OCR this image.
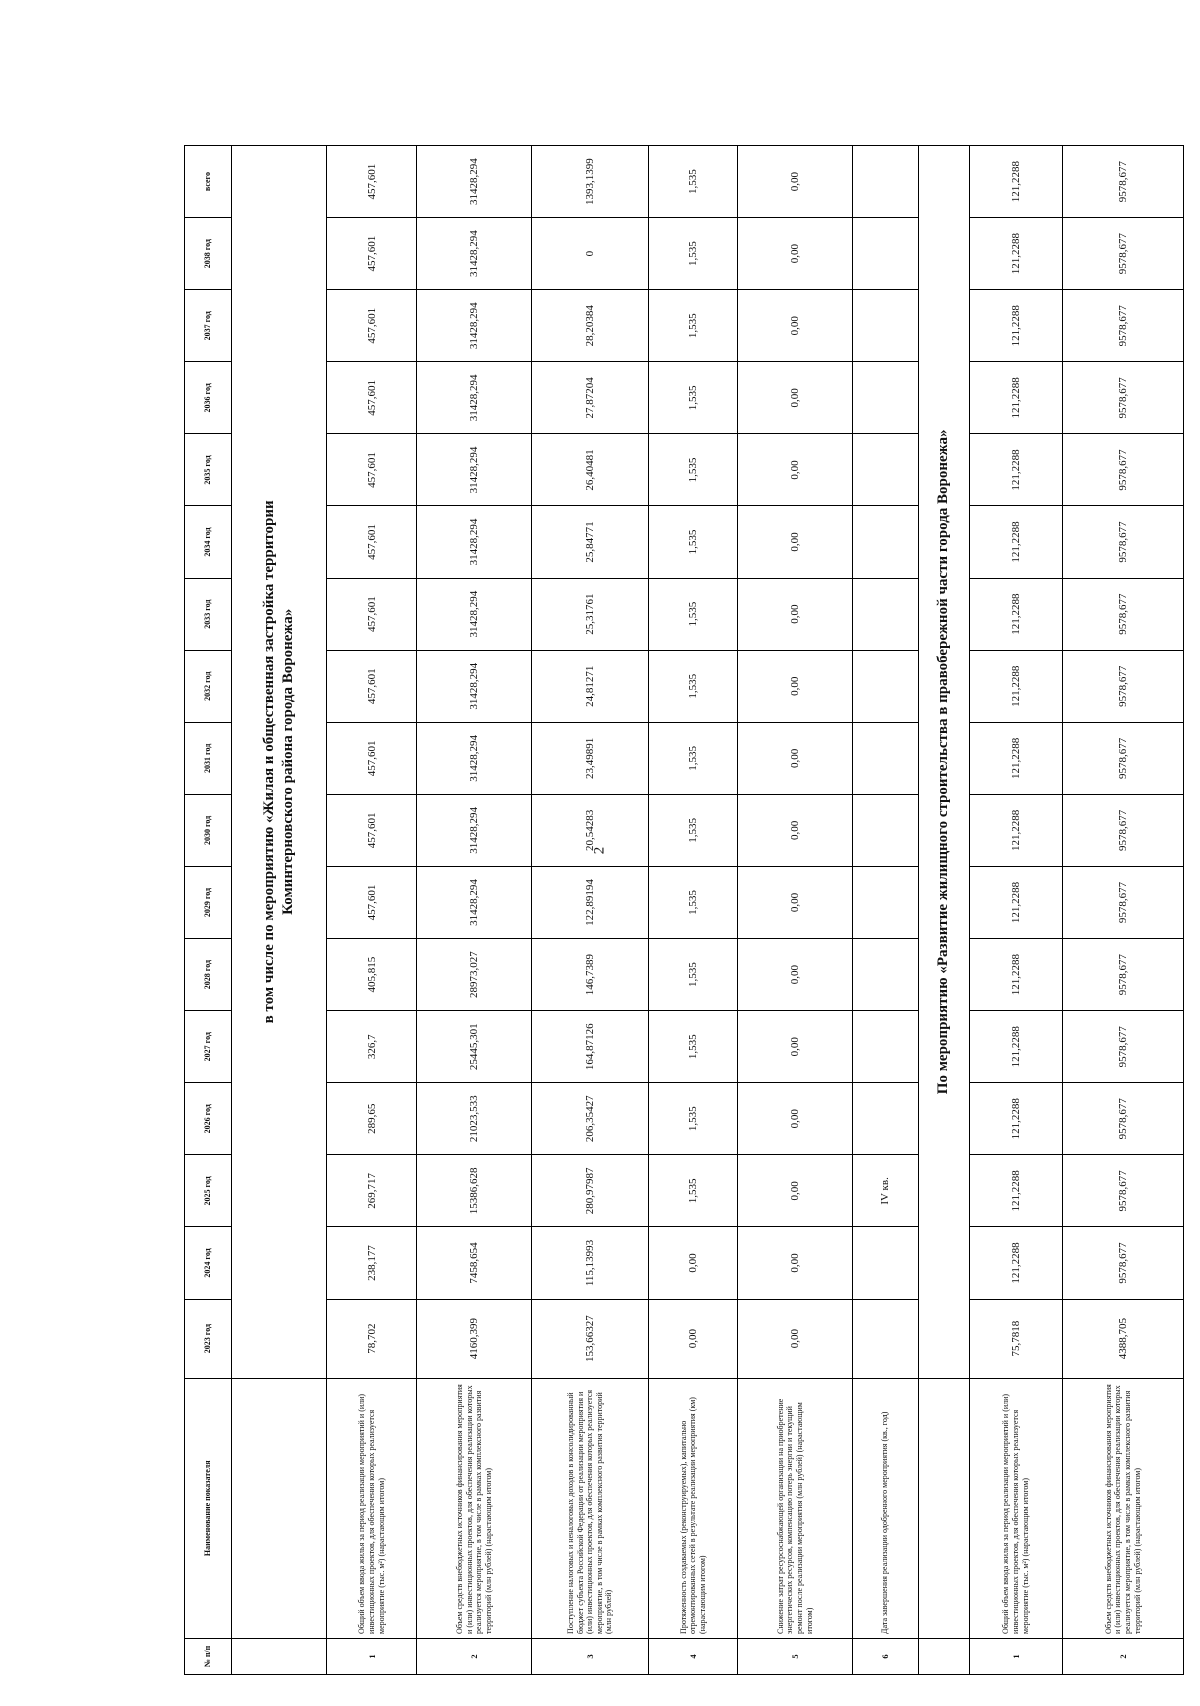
2
№ п/п	Наименование показателя	2023 год	2024 год	2025 год	2026 год	2027 год	2028 год	2029 год	2030 год	2031 год	2032 год	2033 год	2034 год	2035 год	2036 год	2037 год	2038 год	всего

		в том числе по мероприятию «Жилая и общественная застройка территории Коминтерновского района города Воронежа»																

1	Общий объем ввода жилья за период реализации мероприятий и (или) инвестиционных проектов, для обеспечения которых реализуется мероприятие (тыс. м²) (нарастающим итогом)	78,702	238,177	269,717	289,65	326,7	405,815	457,601	457,601	457,601	457,601	457,601	457,601	457,601	457,601	457,601	457,601	457,601
2	Объем средств внебюджетных источников финансирования мероприятия и (или) инвестиционных проектов, для обеспечения реализации которых реализуется мероприятие, в том числе в рамках комплексного развития территорий (млн рублей) (нарастающим итогом)	4160,399	7458,654	15386,628	21023,533	25445,301	28973,027	31428,294	31428,294	31428,294	31428,294	31428,294	31428,294	31428,294	31428,294	31428,294	31428,294	31428,294
3	Поступление налоговых и неналоговых доходов в консолидированный бюджет субъекта Российской Федерации от реализации мероприятия и (или) инвестиционных проектов, для обеспечения которых реализуется мероприятие, в том числе в рамках комплексного развития территорий (млн рублей)	153,66327	115,13993	280,97987	206,35427	164,87126	146,7389	122,89194	20,54283	23,49891	24,81271	25,31761	25,84771	26,40481	27,87204	28,20384	0	1393,1399
4	Протяженность создаваемых (реконструируемых), капитально отремонтированных сетей в результате реализации мероприятия (км) (нарастающим итогом)	0,00	0,00	1,535	1,535	1,535	1,535	1,535	1,535	1,535	1,535	1,535	1,535	1,535	1,535	1,535	1,535	1,535
5	Снижение затрат ресурсоснабжающей организации на приобретение энергетических ресурсов, компенсацию потерь энергии и текущий ремонт после реализации мероприятия (млн рублей) (нарастающим итогом)	0,00	0,00	0,00	0,00	0,00	0,00	0,00	0,00	0,00	0,00	0,00	0,00	0,00	0,00	0,00	0,00	0,00
6	Дата завершения реализации одобренного мероприятия (кв., год)			IV кв.														
		По мероприятию «Развитие жилищного строительства в правобережной части города Воронежа»																
1	Общий объем ввода жилья за период реализации мероприятий и (или) инвестиционных проектов, для обеспечения которых реализуется мероприятие (тыс. м²) (нарастающим итогом)	75,7818	121,2288	121,2288	121,2288	121,2288	121,2288	121,2288	121,2288	121,2288	121,2288	121,2288	121,2288	121,2288	121,2288	121,2288	121,2288	121,2288
2	Объем средств внебюджетных источников финансирования мероприятия и (или) инвестиционных проектов, для обеспечения реализации которых реализуется мероприятие, в том числе в рамках комплексного развития территорий (млн рублей) (нарастающим итогом)	4388,705	9578,677	9578,677	9578,677	9578,677	9578,677	9578,677	9578,677	9578,677	9578,677	9578,677	9578,677	9578,677	9578,677	9578,677	9578,677	9578,677
